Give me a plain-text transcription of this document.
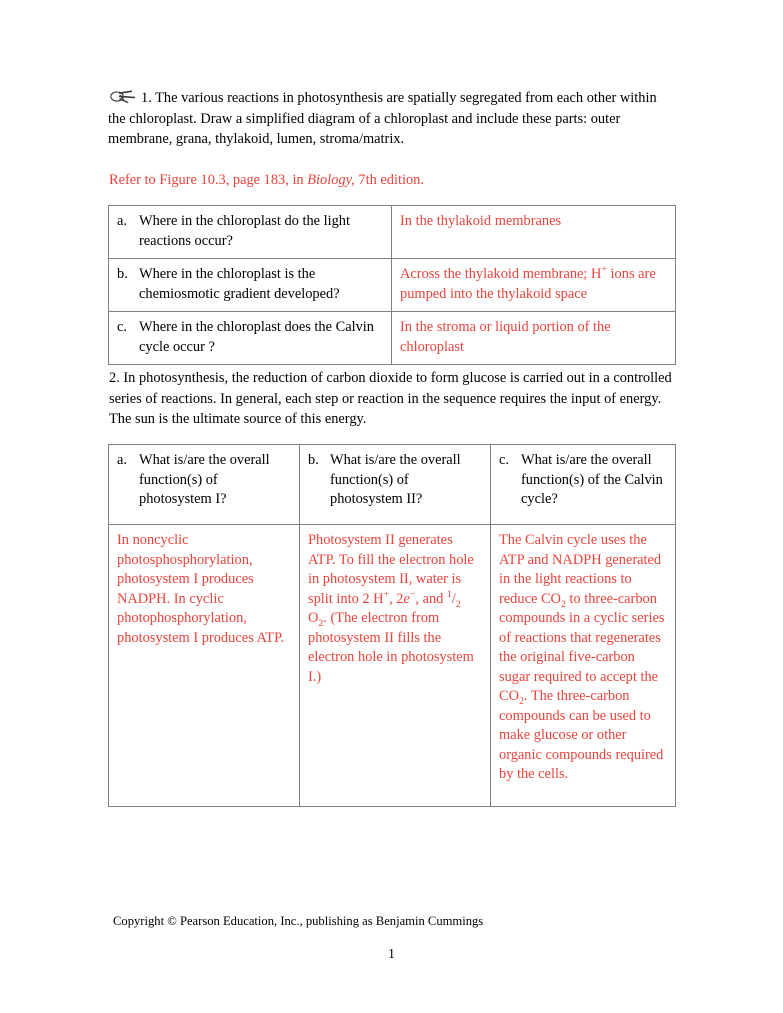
1. The various reactions in photosynthesis are spatially segregated from each other within the chloroplast. Draw a simplified diagram of a chloroplast and include these parts: outer membrane, grana, thylakoid, lumen, stroma/matrix.
Refer to Figure 10.3, page 183, in Biology, 7th edition.
a. Where in the chloroplast do the light reactions occur?	In the thylakoid membranes

b. Where in the chloroplast is the chemiosmotic gradient developed?	Across the thylakoid membrane; H+ ions are pumped into the thylakoid space

c. Where in the chloroplast does the Calvin cycle occur ?	In the stroma or liquid portion of the chloroplast
2. In photosynthesis, the reduction of carbon dioxide to form glucose is carried out in a controlled series of reactions. In general, each step or reaction in the sequence requires the input of energy. The sun is the ultimate source of this energy.
a. What is/are the overall function(s) of photosystem I?	b. What is/are the overall function(s) of photosystem II?	c. What is/are the overall function(s) of the Calvin cycle?

In noncyclic photosphosphorylation, photosystem I produces NADPH. In cyclic photophosphorylation, photosystem I produces ATP.	Photosystem II generates ATP. To fill the electron hole in photosystem II, water is split into 2 H+, 2e−, and $^1/_2$ $O_2$. (The electron from photosystem II fills the electron hole in photosystem I.)	The Calvin cycle uses the ATP and NADPH generated in the light reactions to reduce $CO_2$ to three-carbon compounds in a cyclic series of reactions that regenerates the original five-carbon sugar required to accept the $CO_2$. The three-carbon compounds can be used to make glucose or other organic compounds required by the cells.
Copyright © Pearson Education, Inc., publishing as Benjamin Cummings
1
